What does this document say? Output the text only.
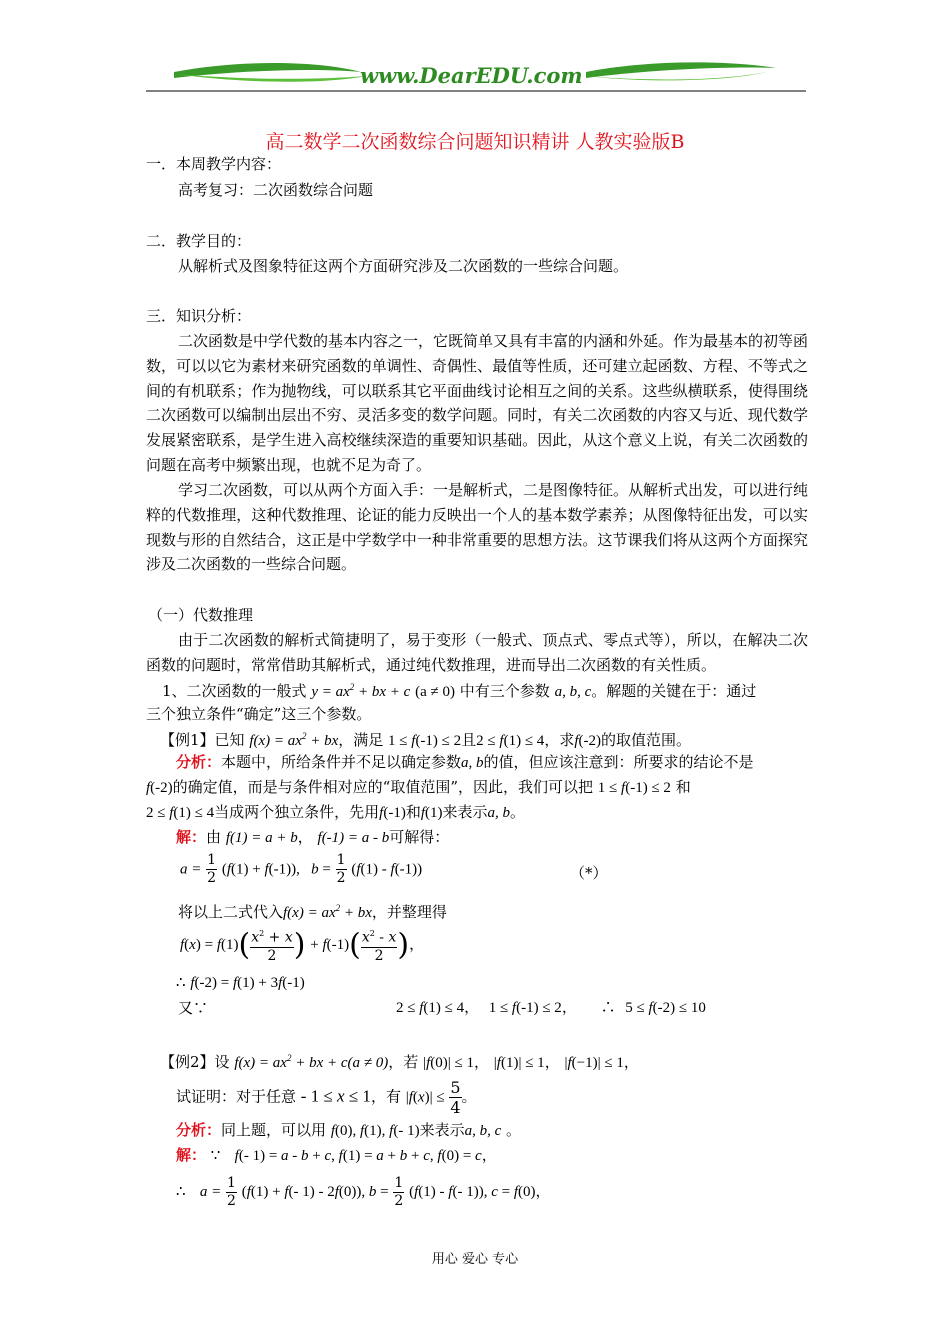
www.DearEDU.com
高二数学二次函数综合问题知识精讲 人教实验版B
一．本周教学内容：
高考复习：二次函数综合问题
二．教学目的：
从解析式及图象特征这两个方面研究涉及二次函数的一些综合问题。
三．知识分析：
二次函数是中学代数的基本内容之一，它既简单又具有丰富的内涵和外延。作为最基本的初等函数，可以以它为素材来研究函数的单调性、奇偶性、最值等性质，还可建立起函数、方程、不等式之间的有机联系；作为抛物线，可以联系其它平面曲线讨论相互之间的关系。这些纵横联系，使得围绕二次函数可以编制出层出不穷、灵活多变的数学问题。同时，有关二次函数的内容又与近、现代数学发展紧密联系，是学生进入高校继续深造的重要知识基础。因此，从这个意义上说，有关二次函数的问题在高考中频繁出现，也就不足为奇了。
学习二次函数，可以从两个方面入手：一是解析式，二是图像特征。从解析式出发，可以进行纯粹的代数推理，这种代数推理、论证的能力反映出一个人的基本数学素养；从图像特征出发，可以实现数与形的自然结合，这正是中学数学中一种非常重要的思想方法。这节课我们将从这两个方面探究涉及二次函数的一些综合问题。
（一）代数推理
由于二次函数的解析式简捷明了，易于变形（一般式、顶点式、零点式等），所以，在解决二次函数的问题时，常常借助其解析式，通过纯代数推理，进而导出二次函数的有关性质。
1、二次函数的一般式 $y = ax^2$ + bx + c (a ≠ 0) 中有三个参数 a, b, c。解题的关键在于：通过
三个独立条件“确定”这三个参数。
【例1】已知 $f(x) = ax^2$ + bx，满足 1 ≤ f(-1) ≤ 2且2 ≤ f(1) ≤ 4，求f(-2)的取值范围。
分析：本题中，所给条件并不足以确定参数a, b的值，但应该注意到：所要求的结论不是
f(-2)的确定值，而是与条件相对应的“取值范围”，因此，我们可以把 1 ≤ f(-1) ≤ 2 和
2 ≤ f(1) ≤ 4当成两个独立条件，先用f(-1)和f(1)来表示a, b。
解：由 f(1) = a + b， f(-1) = a - b可解得：
$a = \frac{1}{2} (f(1) + f(-1))$,   $b = \frac{1}{2} (f(1) - f(-1))$	（*）
将以上二式代入$f(x) = ax^2$ + bx，并整理得
$f(x) = f(1)( \frac{x^2 + x}{2}$ ) + $f(-1)( \frac{x^2 - x}{2}$ )，
∴ f(-2) = f(1) + 3f(-1)
又∵	2 ≤ f(1) ≤ 4，  1 ≤ f(-1) ≤ 2，     ∴ 5 ≤ f(-2) ≤ 10
【例2】设 $f(x) = ax^2$ + bx + c(a ≠ 0)，若 |f(0)| ≤ 1， |f(1)| ≤ 1， |f(−1)| ≤ 1，
试证明：对于任意 - 1 ≤ x ≤ 1，有 $|f(x)| \le \frac{5}{4}$ 。
分析：同上题，可以用 f(0), f(1), f(- 1)来表示a, b, c 。
解： ∵ f(- 1) = a - b + c, f(1) = a + b + c, f(0) = c，
∴ $a = \frac{1}{2} (f(1) + f(-$ 1) - 2f(0)), $b = \frac{1}{2} (f(1) - f(-$ 1)), c = f(0)，
用心 爱心 专心
